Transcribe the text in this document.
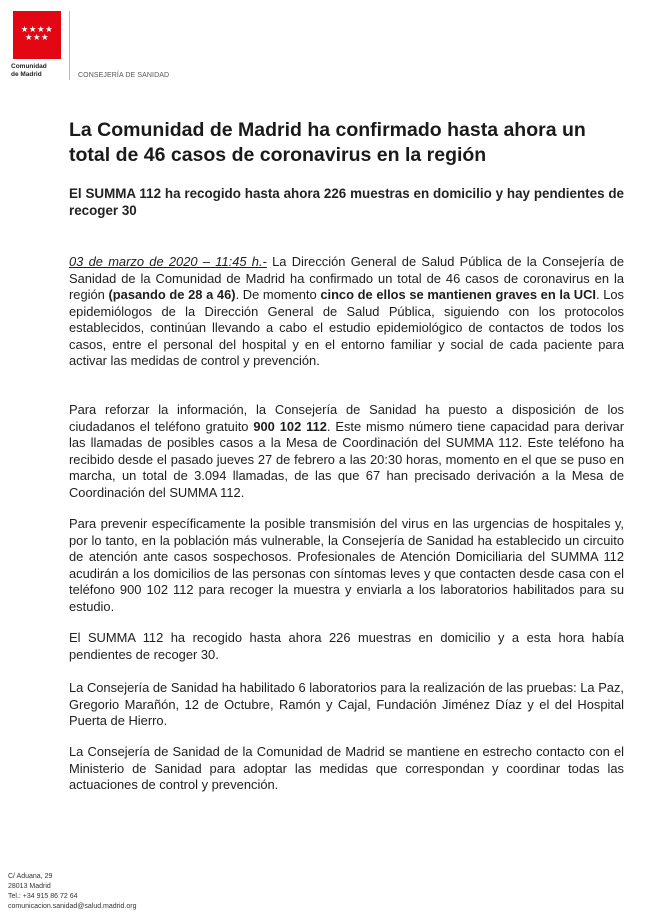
★★★★
★★★
Comunidad
de Madrid	CONSEJERÍA DE SANIDAD
La Comunidad de Madrid ha confirmado hasta ahora un total de 46 casos de coronavirus en la región
El SUMMA 112 ha recogido hasta ahora 226 muestras en domicilio y hay pendientes de recoger 30

03 de marzo de 2020 – 11:45 h.- La Dirección General de Salud Pública de la Consejería de Sanidad de la Comunidad de Madrid ha confirmado un total de 46 casos de coronavirus en la región (pasando de 28 a 46). De momento cinco de ellos se mantienen graves en la UCI. Los epidemiólogos de la Dirección General de Salud Pública, siguiendo con los protocolos establecidos, continúan llevando a cabo el estudio epidemiológico de contactos de todos los casos, entre el personal del hospital y en el entorno familiar y social de cada paciente para activar las medidas de control y prevención.

Para reforzar la información, la Consejería de Sanidad ha puesto a disposición de los ciudadanos el teléfono gratuito 900 102 112. Este mismo número tiene capacidad para derivar las llamadas de posibles casos a la Mesa de Coordinación del SUMMA 112. Este teléfono ha recibido desde el pasado jueves 27 de febrero a las 20:30 horas, momento en el que se puso en marcha, un total de 3.094 llamadas, de las que 67 han precisado derivación a la Mesa de Coordinación del SUMMA 112.

Para prevenir específicamente la posible transmisión del virus en las urgencias de hospitales y, por lo tanto, en la población más vulnerable, la Consejería de Sanidad ha establecido un circuito de atención ante casos sospechosos. Profesionales de Atención Domiciliaria del SUMMA 112 acudirán a los domicilios de las personas con síntomas leves y que contacten desde casa con el teléfono 900 102 112 para recoger la muestra y enviarla a los laboratorios habilitados para su estudio.

El SUMMA 112 ha recogido hasta ahora 226 muestras en domicilio y a esta hora había pendientes de recoger 30.

La Consejería de Sanidad ha habilitado 6 laboratorios para la realización de las pruebas: La Paz, Gregorio Marañón, 12 de Octubre, Ramón y Cajal, Fundación Jiménez Díaz y el del Hospital Puerta de Hierro.

La Consejería de Sanidad de la Comunidad de Madrid se mantiene en estrecho contacto con el Ministerio de Sanidad para adoptar las medidas que correspondan y coordinar todas las actuaciones de control y prevención.

C/ Aduana, 29
28013 Madrid
Tel.: +34 915 86 72 64
comunicacion.sanidad@salud.madrid.org
